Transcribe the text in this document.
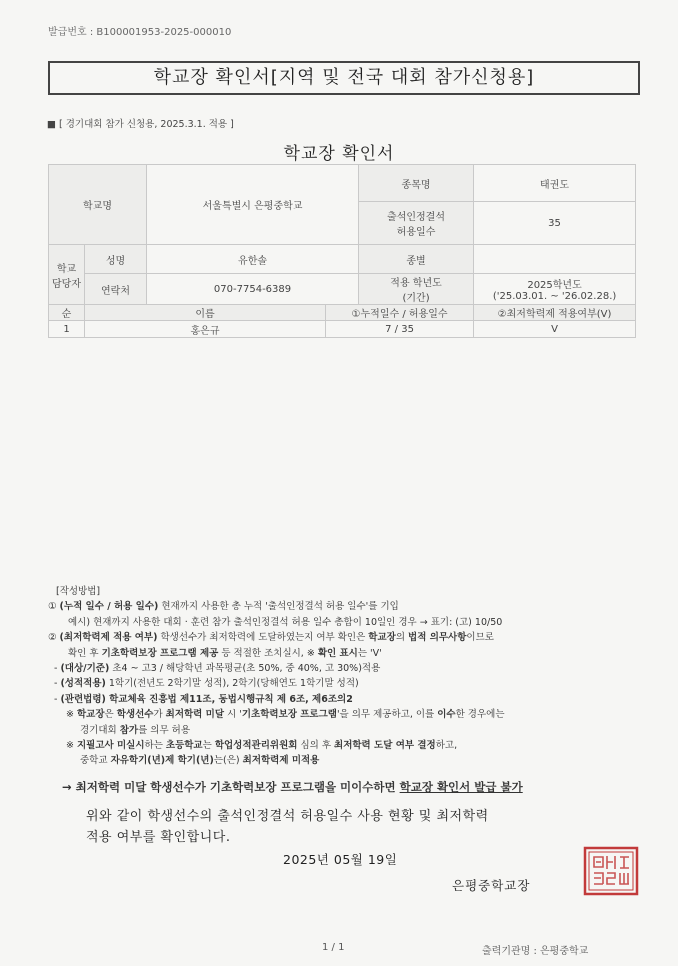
발급번호 : B100001953-2025-000010
학교장 확인서[지역 및 전국 대회 참가신청용]
■ [ 경기대회 참가 신청용, 2025.3.1. 적용 ]
학교장 확인서
학교명		서울특별시 은평중학교		종목명	태권도

				출석인정결석
허용일수	35

학교
담당자	성명	유한솔		종별	
	연락처	070-7754-6389		적용 학년도
(기간)	2025학년도
('25.03.01. ~ '26.02.28.)

순	이름		①누적일수 / 허용일수		②최저학력제 적용여부(V)
1	홍은규		7 / 35		V
[작성방법]
① (누적 일수 / 허용 일수) 현재까지 사용한 총 누적 '출석인정결석 허용 일수'를 기입
예시) 현재까지 사용한 대회 · 훈련 참가 출석인정결석 허용 일수 총합이 10일인 경우 → 표기: (고) 10/50
② (최저학력제 적용 여부) 학생선수가 최저학력에 도달하였는지 여부 확인은 학교장의 법적 의무사항이므로
확인 후 기초학력보장 프로그램 제공 등 적절한 조치실시, ※ 확인 표시는 'V'
- (대상/기준) 초4 ~ 고3 / 해당학년 과목평균(초 50%, 중 40%, 고 30%)적용
- (성적적용) 1학기(전년도 2학기말 성적), 2학기(당해연도 1학기말 성적)
- (관련법령) 학교체육 진흥법 제11조, 동법시행규칙 제 6조, 제6조의2
※ 학교장은 학생선수가 최저학력 미달 시 '기초학력보장 프로그램'을 의무 제공하고, 이를 이수한 경우에는
경기대회 참가를 의무 허용
※ 지필고사 미실시하는 초등학교는 학업성적관리위원회 심의 후 최저학력 도달 여부 결정하고,
중학교 자유학기(년)제 학기(년)는(은) 최저학력제 미적용
→ 최저학력 미달 학생선수가 기초학력보장 프로그램을 미이수하면 학교장 확인서 발급 불가
위와 같이 학생선수의 출석인정결석 허용일수 사용 현황 및 최저학력
적용 여부를 확인합니다.
2025년 05월 19일
은평중학교장
1 / 1	출력기관명 : 은평중학교
